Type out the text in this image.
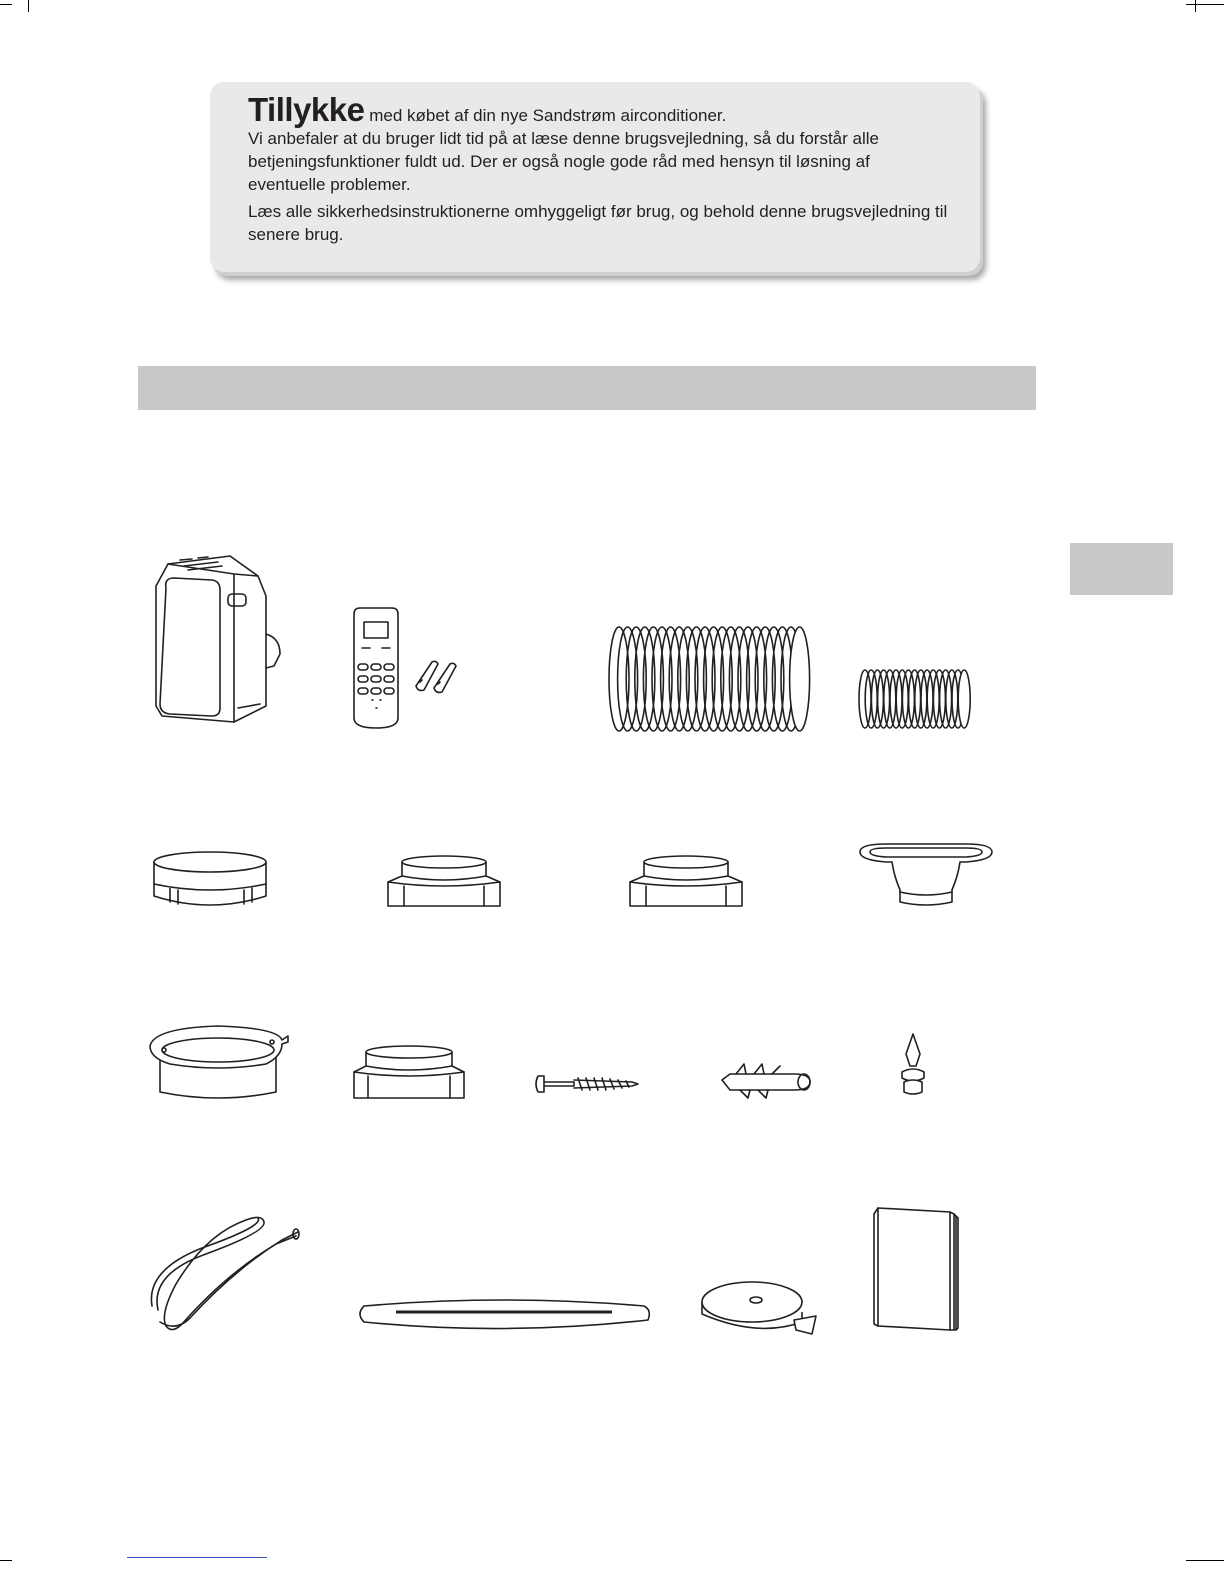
Tillykke med købet af din nye Sandstrøm airconditioner.

Vi anbefaler at du bruger lidt tid på at læse denne brugsvejledning, så du forstår alle betjeningsfunktioner fuldt ud. Der er også nogle gode råd med hensyn til løsning af eventuelle problemer.

Læs alle sikkerhedsinstruktionerne omhyggeligt før brug, og behold denne brugsvejledning til senere brug.
